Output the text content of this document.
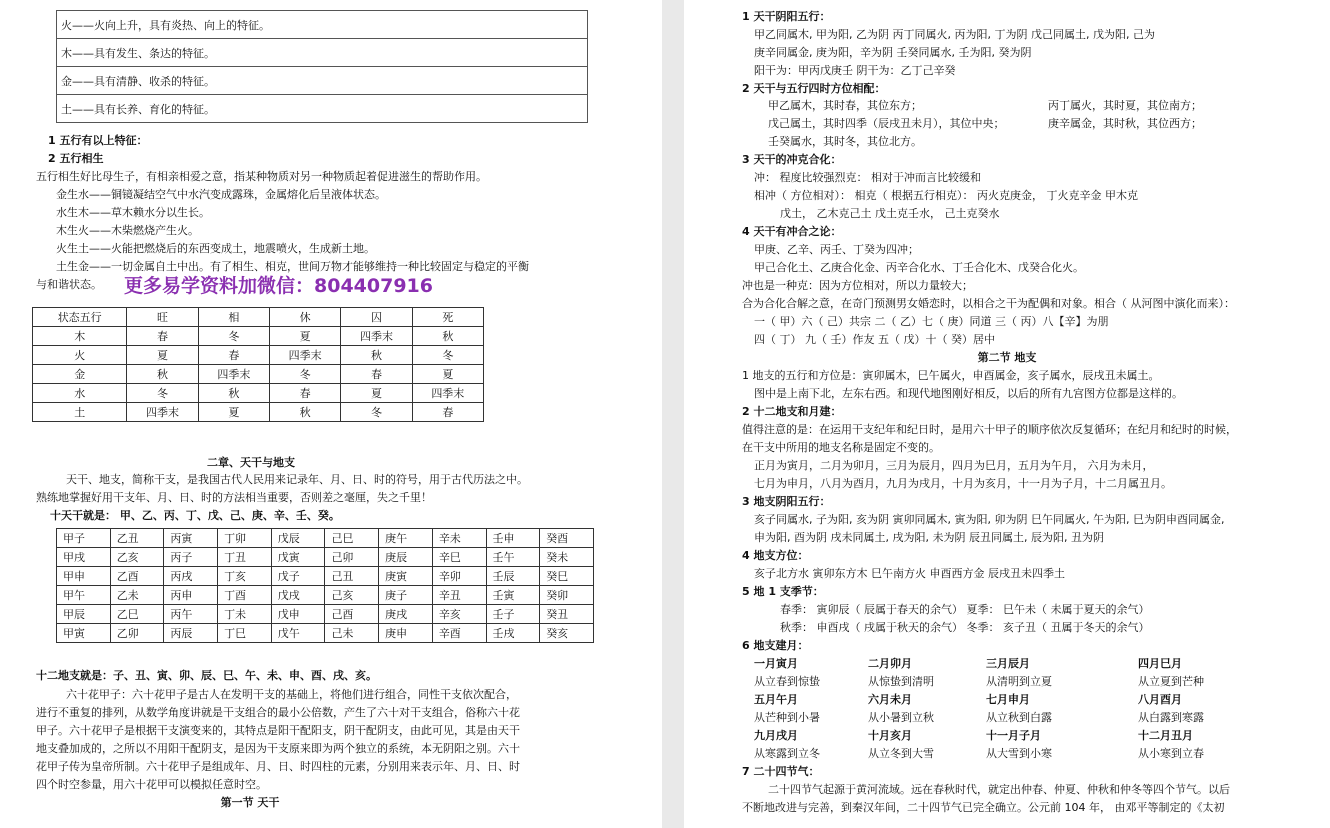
火——火向上升，具有炎热、向上的特征。
木——具有发生、条达的特征。
金——具有清静、收杀的特征。
土——具有长养、育化的特征。
1 五行有以上特征：
2 五行相生
五行相生好比母生子，有相亲相爱之意，指某种物质对另一种物质起着促进滋生的帮助作用。
金生水——铜镜凝结空气中水汽变成露珠，金属熔化后呈液体状态。
水生木——草木赖水分以生长。
木生火——木柴燃烧产生火。
火生土——火能把燃烧后的东西变成土，地震喷火，生成新土地。
土生金——一切金属自土中出。有了相生、相克，世间万物才能够维持一种比较固定与稳定的平衡
与和谐状态。 更多易学资料加微信：804407916
状态五行	旺	相	休	囚	死
木	春	冬	夏	四季末	秋
火	夏	春	四季末	秋	冬
金	秋	四季末	冬	春	夏
水	冬	秋	春	夏	四季末
土	四季末	夏	秋	冬	春
二章、天干与地支
天干、地支，简称干支，是我国古代人民用来记录年、月、日、时的符号，用于古代历法之中。
熟练地掌握好用干支年、月、日、时的方法相当重要，否则差之毫厘，失之千里！
十天干就是： 甲、乙、丙、丁、戊、己、庚、辛、壬、癸。
甲子	乙丑	丙寅	丁卯	戊辰	己巳	庚午	辛未	壬申	癸酉
甲戌	乙亥	丙子	丁丑	戊寅	己卯	庚辰	辛巳	壬午	癸未
甲申	乙酉	丙戌	丁亥	戊子	己丑	庚寅	辛卯	壬辰	癸巳
甲午	乙未	丙申	丁酉	戊戌	己亥	庚子	辛丑	壬寅	癸卯
甲辰	乙巳	丙午	丁未	戊申	己酉	庚戌	辛亥	壬子	癸丑
甲寅	乙卯	丙辰	丁巳	戊午	己未	庚申	辛酉	壬戌	癸亥
十二地支就是：子、丑、寅、卯、辰、巳、午、未、申、酉、戌、亥。
六十花甲子：六十花甲子是古人在发明干支的基础上，将他们进行组合，同性干支依次配合，
进行不重复的排列，从数学角度讲就是干支组合的最小公倍数，产生了六十对干支组合，俗称六十花
甲子。六十花甲子是根据干支演变来的，其特点是阳干配阳支，阴干配阴支，由此可见，其是由天干
地支叠加成的，之所以不用阳干配阴支，是因为干支原来即为两个独立的系统，本无阴阳之别。六十
花甲子传为皇帝所制。六十花甲子是组成年、月、日、时四柱的元素，分别用来表示年、月、日、时
四个时空参量，用六十花甲可以模拟任意时空。
第一节 天干
1 天干阴阳五行：
甲乙同属木, 甲为阳, 乙为阴 丙丁同属火, 丙为阳, 丁为阴 戊己同属土, 戊为阳, 己为
庚辛同属金, 庚为阳，辛为阴 壬癸同属水, 壬为阳, 癸为阴
阳干为：甲丙戊庚壬 阴干为：乙丁己辛癸
2 天干与五行四时方位相配：
甲乙属木，其时春，其位东方；	丙丁属火，其时夏，其位南方；
戊己属土，其时四季（辰戌丑未月），其位中央；	庚辛属金，其时秋，其位西方；
壬癸属水，其时冬，其位北方。
3 天干的冲克合化：
冲： 程度比较强烈克： 相对于冲而言比较缓和
相冲（ 方位相对）： 相克（ 根据五行相克）： 丙火克庚金， 丁火克辛金 甲木克
戊土， 乙木克己土 戊土克壬水， 己土克癸水
4 天干有冲合之论：
甲庚、乙辛、丙壬、丁癸为四冲；
甲己合化土、乙庚合化金、丙辛合化水、丁壬合化木、戊癸合化火。
冲也是一种克：因为方位相对，所以力量较大；
合为合化合解之意，在奇门预测男女婚恋时，以相合之干为配偶和对象。相合（ 从河图中演化而来）：
一（ 甲）六（ 己）共宗 二（ 乙）七（ 庚）同道 三（ 丙）八【辛】为朋
四（ 丁） 九（ 壬）作友 五（ 戊）十（ 癸）居中
第二节 地支
1 地支的五行和方位是：寅卯属木，巳午属火，申酉属金，亥子属水，辰戌丑未属土。
图中是上南下北，左东右西。和现代地图刚好相反，以后的所有九宫图方位都是这样的。
2 十二地支和月建：
值得注意的是：在运用干支纪年和纪日时，是用六十甲子的顺序依次反复循环；在纪月和纪时的时候，
在干支中所用的地支名称是固定不变的。
正月为寅月，二月为卯月，三月为辰月，四月为巳月，五月为午月， 六月为未月，
七月为申月，八月为酉月，九月为戌月，十月为亥月，十一月为子月，十二月属丑月。
3 地支阴阳五行：
亥子同属水, 子为阳, 亥为阴 寅卯同属木, 寅为阳, 卯为阴 巳午同属火, 午为阳, 巳为阴申酉同属金,
申为阳, 酉为阴 戌未同属土, 戌为阳, 未为阴 辰丑同属土, 辰为阳, 丑为阴
4 地支方位：
亥子北方水 寅卯东方木 巳午南方火 申酉西方金 辰戌丑未四季土
5 地 1 支季节：
春季： 寅卯辰（ 辰属于春天的余气） 夏季： 巳午未（ 未属于夏天的余气）
秋季： 申酉戌（ 戌属于秋天的余气） 冬季： 亥子丑（ 丑属于冬天的余气）
6 地支建月：
一月寅月	二月卯月	三月辰月	四月巳月
从立春到惊蛰	从惊蛰到清明	从清明到立夏	从立夏到芒种
五月午月	六月未月	七月申月	八月酉月
从芒种到小暑	从小暑到立秋	从立秋到白露	从白露到寒露
九月戌月	十月亥月	十一月子月	十二月丑月
从寒露到立冬	从立冬到大雪	从大雪到小寒	从小寒到立春
7 二十四节气：
二十四节气起源于黄河流域。远在春秋时代，就定出仲春、仲夏、仲秋和仲冬等四个节气。以后
不断地改进与完善，到秦汉年间，二十四节气已完全确立。公元前 104 年， 由邓平等制定的《太初
